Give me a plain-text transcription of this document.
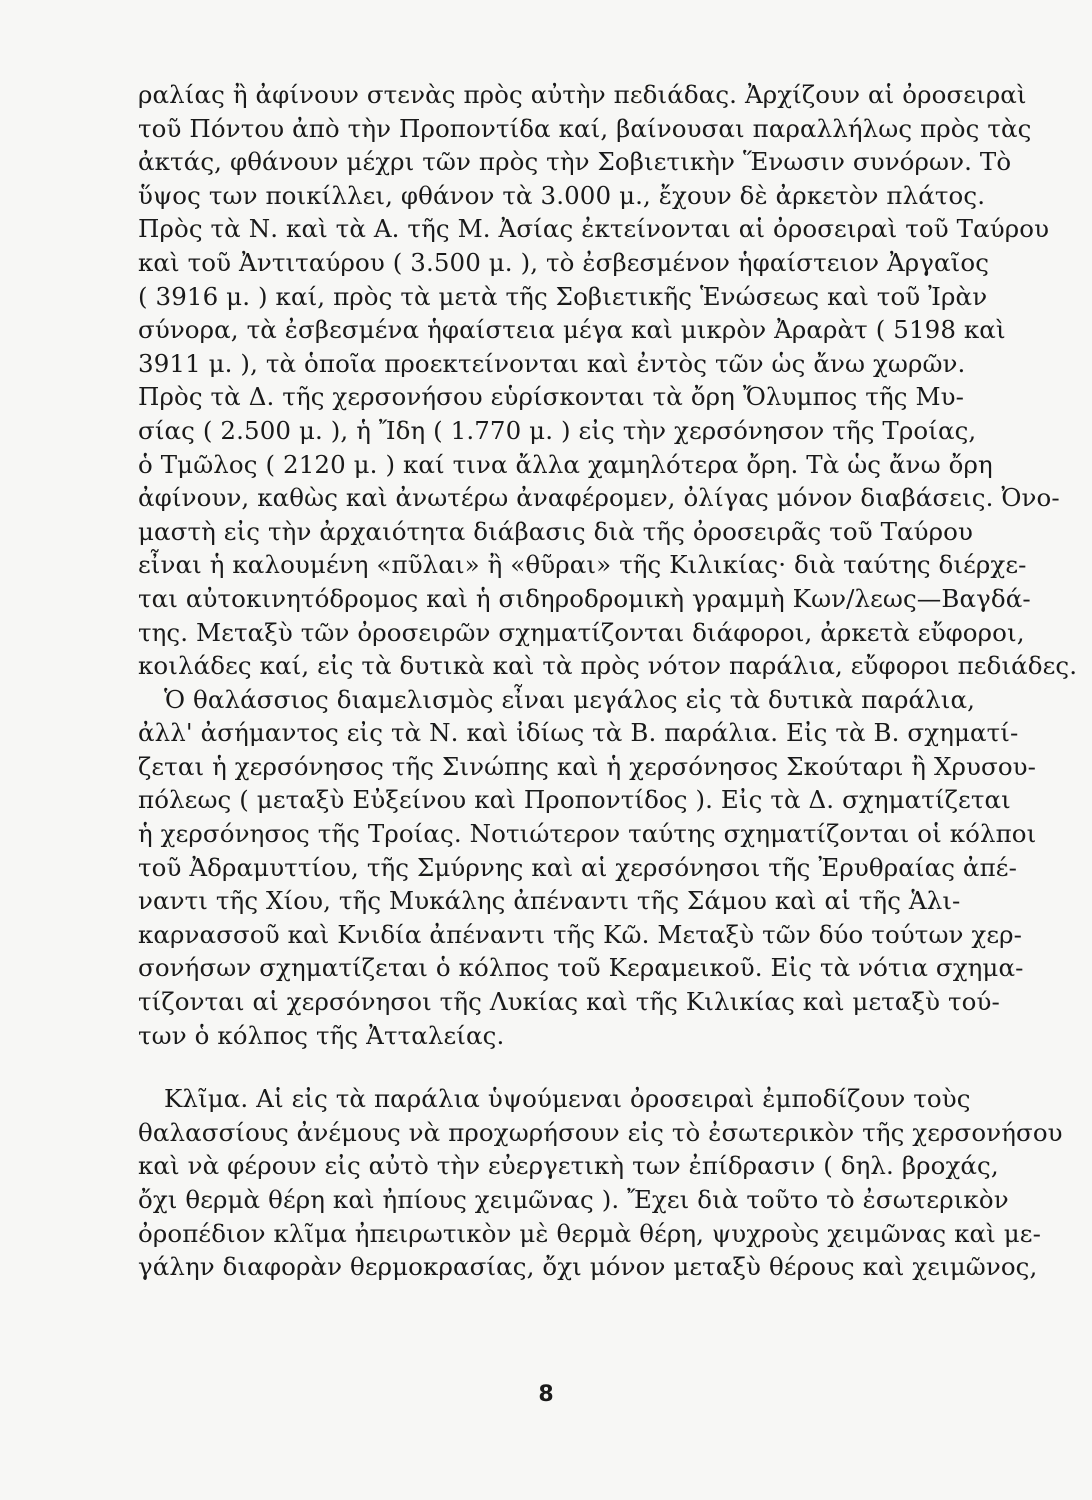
ραλίας ἢ ἀφίνουν στενὰς πρὸς αὐτὴν πεδιάδας. Ἀρχίζουν αἱ ὀροσειραὶ
τοῦ Πόντου ἀπὸ τὴν Προποντίδα καί, βαίνουσαι παραλλήλως πρὸς τὰς
ἀκτάς, φθάνουν μέχρι τῶν πρὸς τὴν Σοβιετικὴν Ἕνωσιν συνόρων. Τὸ
ὕψος των ποικίλλει, φθάνον τὰ 3.000 μ., ἔχουν δὲ ἀρκετὸν πλάτος.
Πρὸς τὰ Ν. καὶ τὰ Α. τῆς Μ. Ἀσίας ἐκτείνονται αἱ ὀροσειραὶ τοῦ Ταύρου
καὶ τοῦ Ἀντιταύρου ( 3.500 μ. ), τὸ ἐσβεσμένον ἡφαίστειον Ἀργαῖος
( 3916 μ. ) καί, πρὸς τὰ μετὰ τῆς Σοβιετικῆς Ἑνώσεως καὶ τοῦ Ἰρὰν
σύνορα, τὰ ἐσβεσμένα ἡφαίστεια μέγα καὶ μικρὸν Ἀραρὰτ ( 5198 καὶ
3911 μ. ), τὰ ὁποῖα προεκτείνονται καὶ ἐντὸς τῶν ὡς ἄνω χωρῶν.
Πρὸς τὰ Δ. τῆς χερσονήσου εὑρίσκονται τὰ ὄρη Ὄλυμπος τῆς Μυ-
σίας ( 2.500 μ. ), ἡ Ἴδη ( 1.770 μ. ) εἰς τὴν χερσόνησον τῆς Τροίας,
ὁ Τμῶλος ( 2120 μ. ) καί τινα ἄλλα χαμηλότερα ὄρη. Τὰ ὡς ἄνω ὄρη
ἀφίνουν, καθὼς καὶ ἀνωτέρω ἀναφέρομεν, ὀλίγας μόνον διαβάσεις. Ὀνο-
μαστὴ εἰς τὴν ἀρχαιότητα διάβασις διὰ τῆς ὀροσειρᾶς τοῦ Ταύρου
εἶναι ἡ καλουμένη «πῦλαι» ἢ «θῦραι» τῆς Κιλικίας· διὰ ταύτης διέρχε-
ται αὐτοκινητόδρομος καὶ ἡ σιδηροδρομικὴ γραμμὴ Κων/λεως—Βαγδά-
της. Μεταξὺ τῶν ὀροσειρῶν σχηματίζονται διάφοροι, ἀρκετὰ εὔφοροι,
κοιλάδες καί, εἰς τὰ δυτικὰ καὶ τὰ πρὸς νότον παράλια, εὔφοροι πεδιάδες.
Ὁ θαλάσσιος διαμελισμὸς εἶναι μεγάλος εἰς τὰ δυτικὰ παράλια,
ἀλλ' ἀσήμαντος εἰς τὰ Ν. καὶ ἰδίως τὰ Β. παράλια. Εἰς τὰ Β. σχηματί-
ζεται ἡ χερσόνησος τῆς Σινώπης καὶ ἡ χερσόνησος Σκούταρι ἢ Χρυσου-
πόλεως ( μεταξὺ Εὐξείνου καὶ Προποντίδος ). Εἰς τὰ Δ. σχηματίζεται
ἡ χερσόνησος τῆς Τροίας. Νοτιώτερον ταύτης σχηματίζονται οἱ κόλποι
τοῦ Ἀδραμυττίου, τῆς Σμύρνης καὶ αἱ χερσόνησοι τῆς Ἐρυθραίας ἀπέ-
ναντι τῆς Χίου, τῆς Μυκάλης ἀπέναντι τῆς Σάμου καὶ αἱ τῆς Ἁλι-
καρνασσοῦ καὶ Κνιδία ἀπέναντι τῆς Κῶ. Μεταξὺ τῶν δύο τούτων χερ-
σονήσων σχηματίζεται ὁ κόλπος τοῦ Κεραμεικοῦ. Εἰς τὰ νότια σχημα-
τίζονται αἱ χερσόνησοι τῆς Λυκίας καὶ τῆς Κιλικίας καὶ μεταξὺ τού-
των ὁ κόλπος τῆς Ἀτταλείας.
Κλῖμα. Αἱ εἰς τὰ παράλια ὑψούμεναι ὀροσειραὶ ἐμποδίζουν τοὺς
θαλασσίους ἀνέμους νὰ προχωρήσουν εἰς τὸ ἐσωτερικὸν τῆς χερσονήσου
καὶ νὰ φέρουν εἰς αὐτὸ τὴν εὐεργετικὴ των ἐπίδρασιν ( δηλ. βροχάς,
ὄχι θερμὰ θέρη καὶ ἠπίους χειμῶνας ). Ἔχει διὰ τοῦτο τὸ ἐσωτερικὸν
ὀροπέδιον κλῖμα ἠπειρωτικὸν μὲ θερμὰ θέρη, ψυχροὺς χειμῶνας καὶ με-
γάλην διαφορὰν θερμοκρασίας, ὄχι μόνον μεταξὺ θέρους καὶ χειμῶνος,
8
